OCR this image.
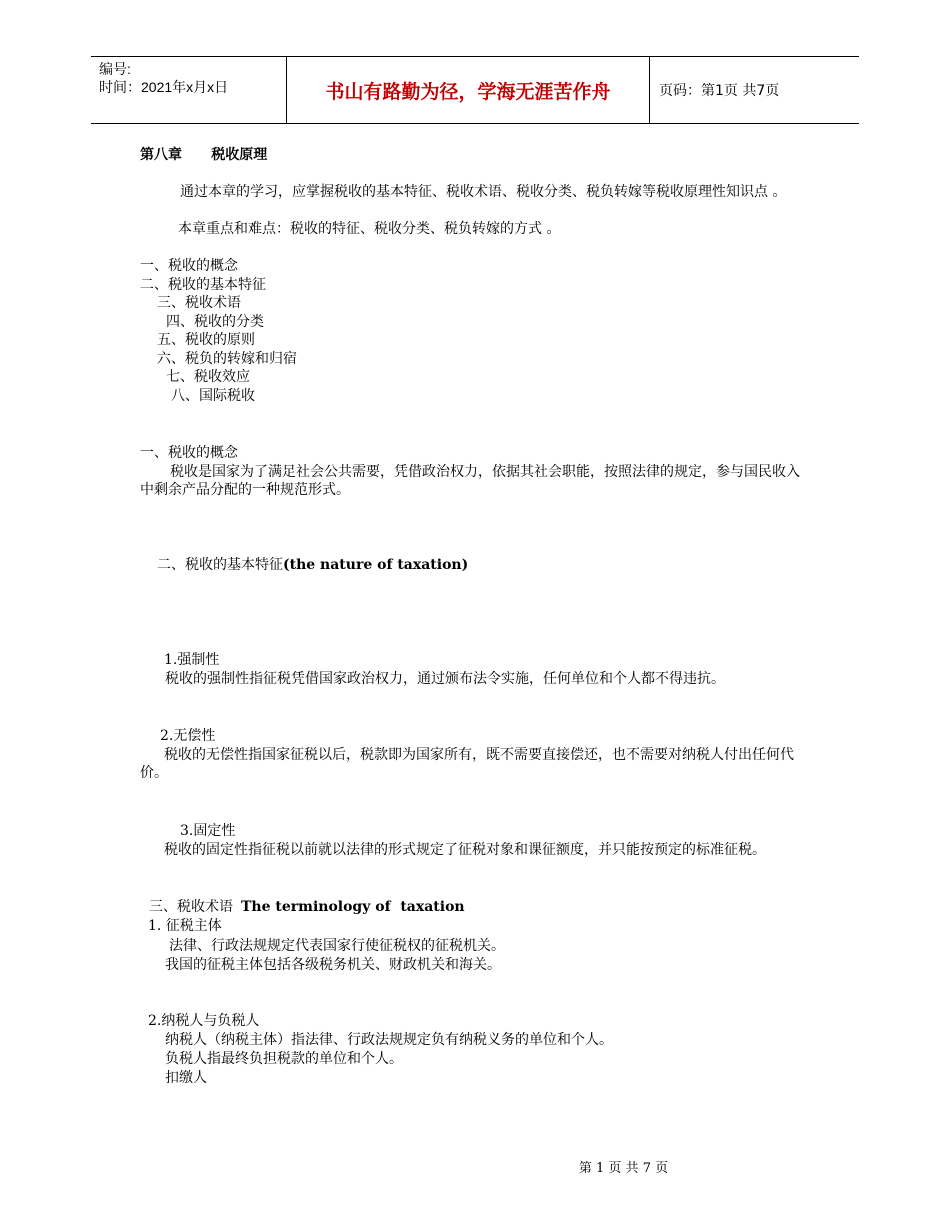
编号:
时间：2021年x月x日	书山有路勤为径，学海无涯苦作舟	页码：第1页 共7页
第八章      税收原理
通过本章的学习，应掌握税收的基本特征、税收术语、税收分类、税负转嫁等税收原理性知识点 。
本章重点和难点：税收的特征、税收分类、税负转嫁的方式 。
一、税收的概念
二、税收的基本特征
三、税收术语
四、税收的分类
五、税收的原则
六、税负的转嫁和归宿
七、税收效应
八、国际税收
一、税收的概念
税收是国家为了满足社会公共需要，凭借政治权力，依据其社会职能，按照法律的规定，参与国民收入中剩余产品分配的一种规范形式。
二、税收的基本特征(the nature of taxation)
1.强制性
税收的强制性指征税凭借国家政治权力，通过颁布法令实施，任何单位和个人都不得违抗。
2.无偿性
税收的无偿性指国家征税以后，税款即为国家所有，既不需要直接偿还，也不需要对纳税人付出任何代价。
3.固定性
税收的固定性指征税以前就以法律的形式规定了征税对象和课征额度，并只能按预定的标准征税。
三、税收术语 The terminology of  taxation
1. 征税主体
法律、行政法规规定代表国家行使征税权的征税机关。
我国的征税主体包括各级税务机关、财政机关和海关。
2.纳税人与负税人
纳税人（纳税主体）指法律、行政法规规定负有纳税义务的单位和个人。
负税人指最终负担税款的单位和个人。
扣缴人
第 1 页 共 7 页
